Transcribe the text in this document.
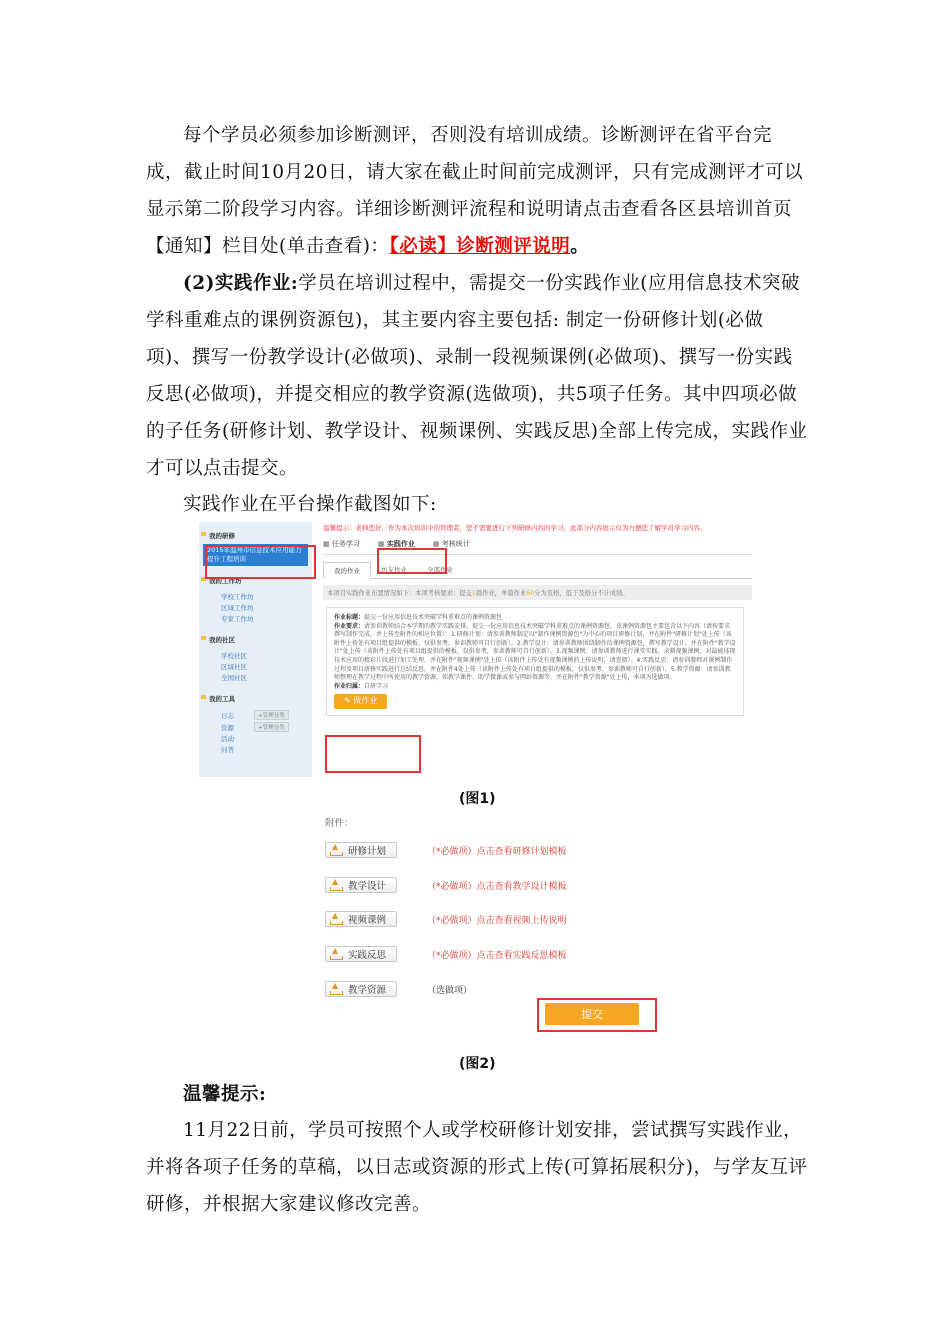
每个学员必须参加诊断测评，否则没有培训成绩。诊断测评在省平台完成，截止时间10月20日，请大家在截止时间前完成测评，只有完成测评才可以显示第二阶段学习内容。详细诊断测评流程和说明请点击查看各区县培训首页【通知】栏目处(单击查看)：【必读】诊断测评说明。

(2)实践作业:学员在培训过程中，需提交一份实践作业(应用信息技术突破学科重难点的课例资源包)，其主要内容主要包括: 制定一份研修计划(必做项)、撰写一份教学设计(必做项)、录制一段视频课例(必做项)、撰写一份实践反思(必做项)，并提交相应的教学资源(选做项)，共5项子任务。其中四项必做的子任务(研修计划、教学设计、视频课例、实践反思)全部上传完成，实践作业才可以点击提交。

实践作业在平台操作截图如下:

我的研修
2015年温州市信息技术应用能力提升工程培训
我的工作坊
学校工作坊
区域工作坊
专家工作坊
我的社区
学校社区
区域社区
全国社区
我的工具
日志	+管理分类
资源	+管理分类
活动
问答
温馨提示：老师您好，作为本次培训中的管理者，您不需要进行下列研修内容的学习，此部分内容展示仅为方便您了解学员学习内容。
▦ 任务学习	▦ 实践作业	▦ 考核统计
我的作业	坊友作业	全部作业
本项目实践作业布置情况如下：本项考核要求：提交1篇作业，单篇作业60分为及格，低于及格分不计成绩。
作业标题：提交一份应用信息技术突破学科重难点的课例资源包
作业要求：请参训教师结合本学期的教学实践安排，提交一份应用信息技术突破学科重难点的课例资源包，该课例资源包主要包含以下内容（请按要求撰写制作完成，并上传至附件的相应位置）：1.研修计划：请参训教师制定以"制作课例资源包"为中心的项目研修计划，并在附件"研修计划"处上传（该附件上传处有项目组提供的模板，仅供参考，参训教师可自行创新）。2.教学设计：请参训教师围绕制作的课例资源包，撰写教学设计，并在附件"教学设计"处上传（该附件上传处有项目组提供的模板，仅供参考，参训教师可自行创新）。3.视频课例：请参训教师进行课堂实践，录制视频课例；对最能体现技术应用的精彩片段进行加工处理，并在附件"视频课例"处上传（该附件上传处有视频课例的上传说明，请查阅）。4.实践反思：请参训教师对课例制作过程及项目研修实践进行总结反思，并在附件4处上传（该附件上传处有项目组提供的模板，仅供参考，参训教师可自行创新）。5.教学资源：请参训教师整理在教学过程中所使用的教学资源，如教学课件、助学微课或参与网站资源等，并在附件"教学资源"处上传，本项为选做项。
作业归属：自研学习
✎ 做作业
(图1)
附件：
▲
研修计划	（*必做项）点击查看研修计划模板
▲
教学设计	（*必做项）点击查看教学设计模板
▲
视频课例	（*必做项）点击查看视频上传说明
▲
实践反思	（*必做项）点击查看实践反思模板
▲
教学资源	（选做项）
提交
(图2)

温馨提示:

11月22日前，学员可按照个人或学校研修计划安排，尝试撰写实践作业，并将各项子任务的草稿，以日志或资源的形式上传(可算拓展积分)，与学友互评研修，并根据大家建议修改完善。
